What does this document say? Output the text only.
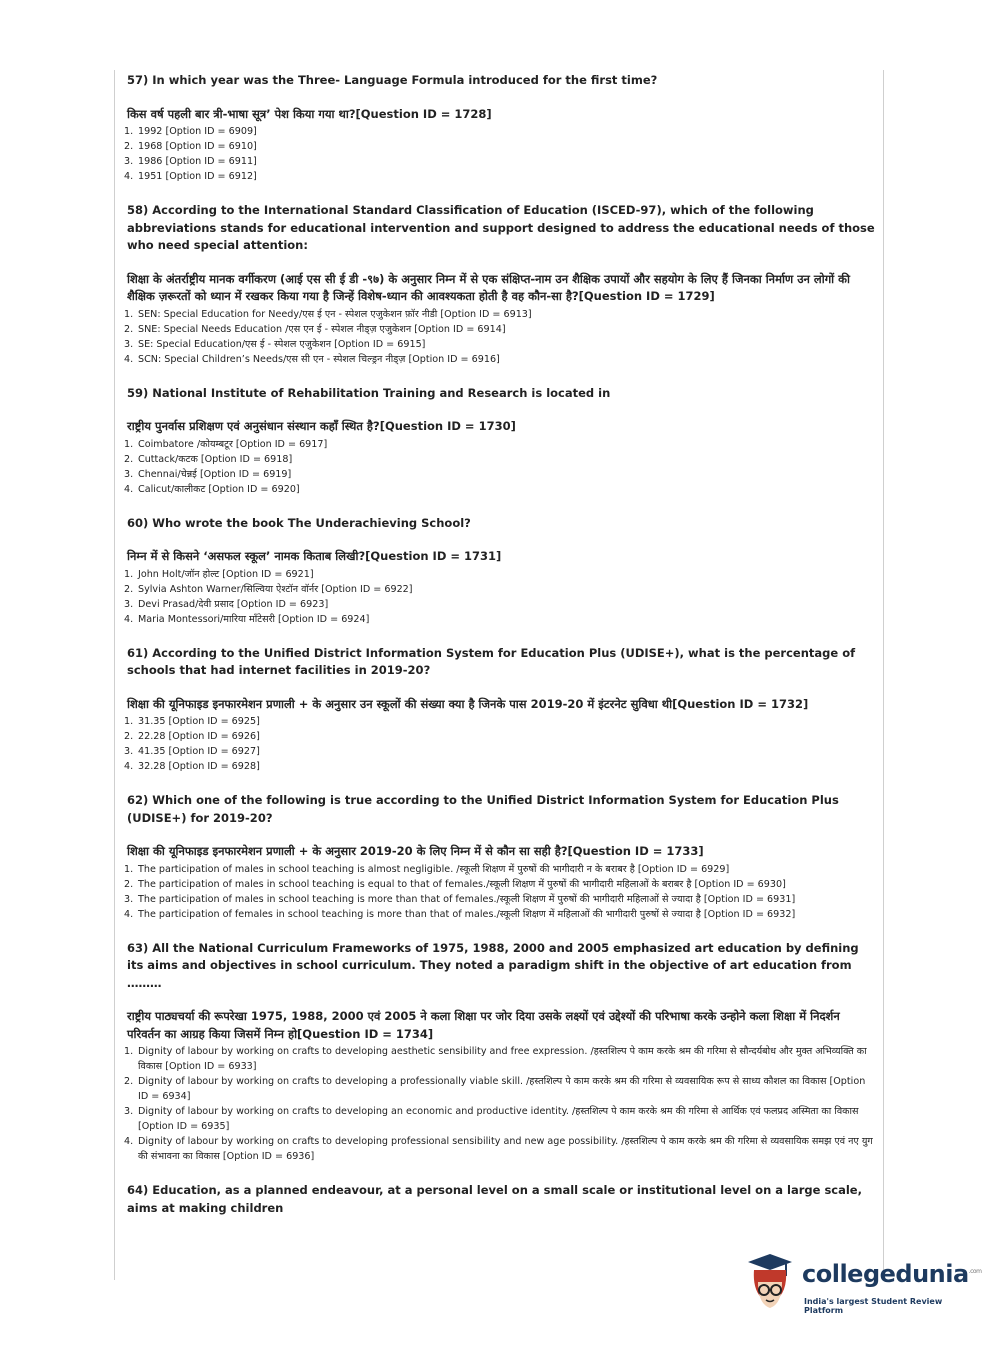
57) In which year was the Three- Language Formula introduced for the first time?

किस वर्ष पहली बार त्री-भाषा सूत्र’ पेश किया गया था?[Question ID = 1728]

1. 1992 [Option ID = 6909]
2. 1968 [Option ID = 6910]
3. 1986 [Option ID = 6911]
4. 1951 [Option ID = 6912]

58) According to the International Standard Classification of Education (ISCED-97), which of the following abbreviations stands for educational intervention and support designed to address the educational needs of those who need special attention:

शिक्षा के अंतर्राष्ट्रीय मानक वर्गीकरण (आई एस सी ई डी -९७) के अनुसार निम्न में से एक संक्षिप्त-नाम उन शैक्षिक उपायों और सहयोग के लिए हैं जिनका निर्माण उन लोगों की शैक्षिक ज़रूरतों को ध्यान में रखकर किया गया है जिन्हें विशेष-ध्यान की आवश्यकता होती है वह कौन-सा है?[Question ID = 1729]

1. SEN: Special Education for Needy/एस ई एन - स्पेशल एजुकेशन फ़ॉर नीडी [Option ID = 6913]
2. SNE: Special Needs Education /एस एन ई - स्पेशल नीड्ज़ एजुकेशन [Option ID = 6914]
3. SE: Special Education/एस ई - स्पेशल एजुकेशन [Option ID = 6915]
4. SCN: Special Children’s Needs/एस सी एन - स्पेशल चिल्ड्रन नीड्ज़ [Option ID = 6916]

59) National Institute of Rehabilitation Training and Research is located in

राष्ट्रीय पुनर्वास प्रशिक्षण एवं अनुसंधान संस्थान कहाँ स्थित है?[Question ID = 1730]

1. Coimbatore /कोयम्बटूर [Option ID = 6917]
2. Cuttack/कटक [Option ID = 6918]
3. Chennai/चेन्नई [Option ID = 6919]
4. Calicut/कालीकट [Option ID = 6920]

60) Who wrote the book The Underachieving School?

निम्न में से किसने ‘असफल स्कूल’ नामक किताब लिखी?[Question ID = 1731]

1. John Holt/जॉन होल्ट [Option ID = 6921]
2. Sylvia Ashton Warner/सिल्विया ऐश्टॉन वॉर्नर [Option ID = 6922]
3. Devi Prasad/देवी प्रसाद [Option ID = 6923]
4. Maria Montessori/मारिया मॉंटेसरी [Option ID = 6924]

61) According to the Unified District Information System for Education Plus (UDISE+), what is the percentage of schools that had internet facilities in 2019-20?

शिक्षा की यूनिफाइड इनफारमेशन प्रणाली + के अनुसार उन स्कूलों की संख्या क्या है जिनके पास 2019-20 में इंटरनेट सुविधा थी[Question ID = 1732]

1. 31.35 [Option ID = 6925]
2. 22.28 [Option ID = 6926]
3. 41.35 [Option ID = 6927]
4. 32.28 [Option ID = 6928]

62) Which one of the following is true according to the Unified District Information System for Education Plus (UDISE+) for 2019-20?

शिक्षा की यूनिफाइड इनफारमेशन प्रणाली + के अनुसार 2019-20 के लिए निम्न में से कौन सा सही है?[Question ID = 1733]

1. The participation of males in school teaching is almost negligible. /स्कूली शिक्षण में पुरुषों की भागीदारी न के बराबर है [Option ID = 6929]
2. The participation of males in school teaching is equal to that of females./स्कूली शिक्षण में पुरुषों की भागीदारी महिलाओं के बराबर है [Option ID = 6930]
3. The participation of males in school teaching is more than that of females./स्कूली शिक्षण में पुरुषों की भागीदारी महिलाओं से ज्यादा है [Option ID = 6931]
4. The participation of females in school teaching is more than that of males./स्कूली शिक्षण में महिलाओं की भागीदारी पुरुषों से ज्यादा है [Option ID = 6932]

63) All the National Curriculum Frameworks of 1975, 1988, 2000 and 2005 emphasized art education by defining its aims and objectives in school curriculum. They noted a paradigm shift in the objective of art education from ………

राष्ट्रीय पाठ्यचर्या की रूपरेखा 1975, 1988, 2000 एवं 2005 ने कला शिक्षा पर जोर दिया उसके लक्ष्यों एवं उद्देश्यों की परिभाषा करके उन्होने कला शिक्षा में निदर्शन परिवर्तन का आग्रह किया जिसमें निम्न हो[Question ID = 1734]

1. Dignity of labour by working on crafts to developing aesthetic sensibility and free expression. /हस्तशिल्प पे काम करके श्रम की गरिमा से सौन्दर्यबोध और मुक्त अभिव्यक्ति का विकास [Option ID = 6933]
2. Dignity of labour by working on crafts to developing a professionally viable skill. /हस्तशिल्प पे काम करके श्रम की गरिमा से व्यवसायिक रूप से साध्य कौशल का विकास [Option ID = 6934]
3. Dignity of labour by working on crafts to developing an economic and productive identity. /हस्तशिल्प पे काम करके श्रम की गरिमा से आर्थिक एवं फलप्रद अस्मिता का विकास [Option ID = 6935]
4. Dignity of labour by working on crafts to developing professional sensibility and new age possibility. /हस्तशिल्प पे काम करके श्रम की गरिमा से व्यवसायिक समझ एवं नए युग की संभावना का विकास [Option ID = 6936]

64) Education, as a planned endeavour, at a personal level on a small scale or institutional level on a large scale, aims at making children

collegedunia$^{.com}$
India's largest Student Review Platform
